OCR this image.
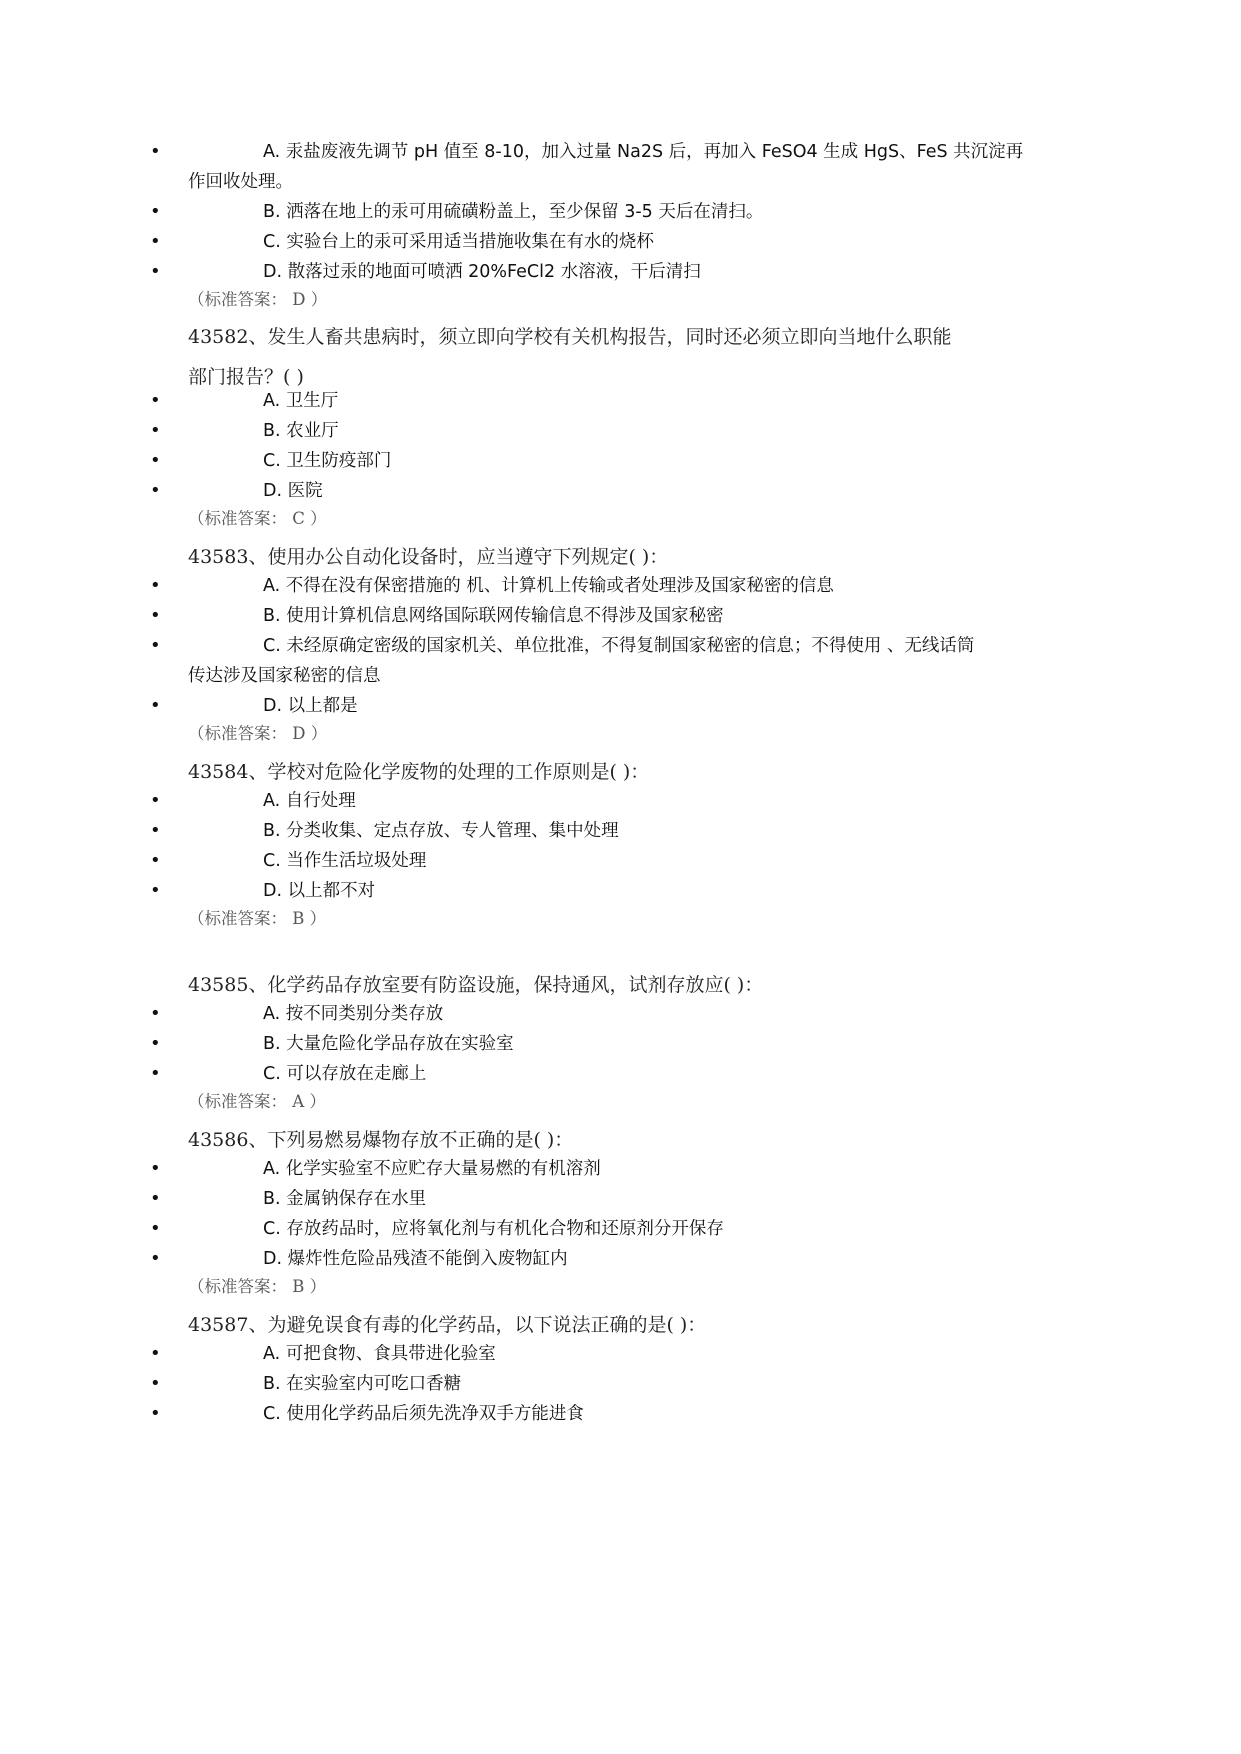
•	A. 汞盐废液先调节 pH 值至 8-10，加入过量 Na2S 后，再加入 FeSO4 生成 HgS、FeS 共沉淀再
作回收处理。
•	B. 洒落在地上的汞可用硫磺粉盖上，至少保留 3-5 天后在清扫。
•	C. 实验台上的汞可采用适当措施收集在有水的烧杯
•	D. 散落过汞的地面可喷洒 20%FeCl2 水溶液，干后清扫
（标准答案： D ）
43582、发生人畜共患病时，须立即向学校有关机构报告，同时还必须立即向当地什么职能
部门报告？( )
•	A. 卫生厅
•	B. 农业厅
•	C. 卫生防疫部门
•	D. 医院
（标准答案： C ）
43583、使用办公自动化设备时，应当遵守下列规定( )：
•	A. 不得在没有保密措施的 机、计算机上传输或者处理涉及国家秘密的信息
•	B. 使用计算机信息网络国际联网传输信息不得涉及国家秘密
•	C. 未经原确定密级的国家机关、单位批准，不得复制国家秘密的信息；不得使用 、无线话筒
传达涉及国家秘密的信息
•	D. 以上都是
（标准答案： D ）
43584、学校对危险化学废物的处理的工作原则是( )：
•	A. 自行处理
•	B. 分类收集、定点存放、专人管理、集中处理
•	C. 当作生活垃圾处理
•	D. 以上都不对
（标准答案： B ）
43585、化学药品存放室要有防盗设施，保持通风，试剂存放应( )：
•	A. 按不同类别分类存放
•	B. 大量危险化学品存放在实验室
•	C. 可以存放在走廊上
（标准答案： A ）
43586、下列易燃易爆物存放不正确的是( )：
•	A. 化学实验室不应贮存大量易燃的有机溶剂
•	B. 金属钠保存在水里
•	C. 存放药品时，应将氧化剂与有机化合物和还原剂分开保存
•	D. 爆炸性危险品残渣不能倒入废物缸内
（标准答案： B ）
43587、为避免误食有毒的化学药品，以下说法正确的是( )：
•	A. 可把食物、食具带进化验室
•	B. 在实验室内可吃口香糖
•	C. 使用化学药品后须先洗净双手方能进食
